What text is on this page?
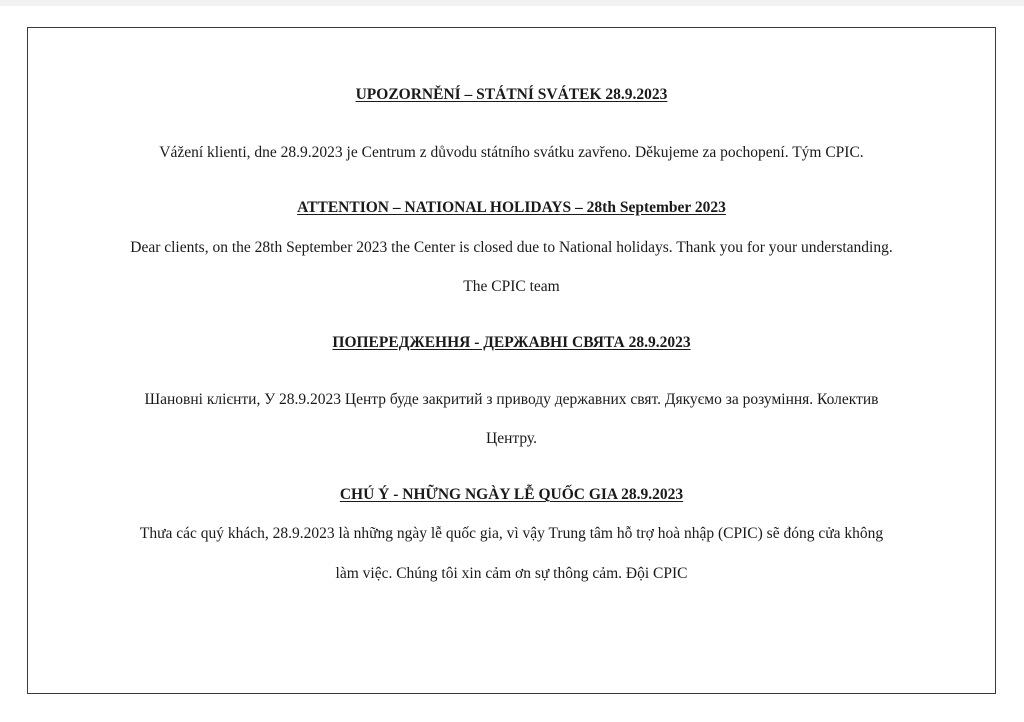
UPOZORNĚNÍ – STÁTNÍ SVÁTEK 28.9.2023
Vážení klienti, dne 28.9.2023 je Centrum z důvodu státního svátku zavřeno. Děkujeme za pochopení. Tým CPIC.
ATTENTION – NATIONAL HOLIDAYS – 28th September 2023
Dear clients, on the 28th September 2023 the Center is closed due to National holidays. Thank you for your understanding.
The CPIC team
ПОПЕРЕДЖЕННЯ - ДЕРЖАВНІ СВЯТА 28.9.2023
Шановні клієнти, У 28.9.2023 Центр буде закритий з приводу державних свят. Дякуємо за розуміння. Колектив
Центру.
CHÚ Ý - NHỮNG NGÀY LỄ QUỐC GIA 28.9.2023
Thưa các quý khách, 28.9.2023 là những ngày lễ quốc gia, vì vậy Trung tâm hỗ trợ hoà nhập (CPIC) sẽ đóng cửa không
làm việc. Chúng tôi xin cảm ơn sự thông cảm. Đội CPIC
